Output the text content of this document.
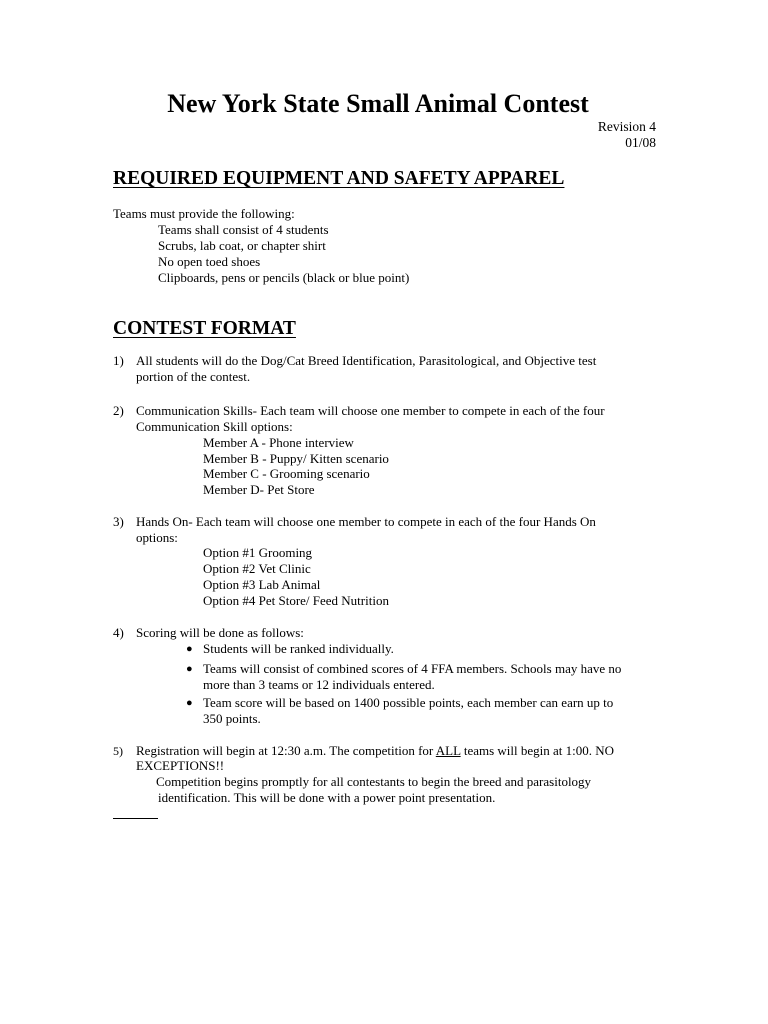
New York State Small Animal Contest
Revision 4
01/08
REQUIRED EQUIPMENT AND SAFETY APPAREL
Teams must provide the following:
Teams shall consist of 4 students
Scrubs, lab coat, or chapter shirt
No open toed shoes
Clipboards, pens or pencils (black or blue point)
CONTEST FORMAT
1) All students will do the Dog/Cat Breed Identification, Parasitological, and Objective test
portion of the contest.
2) Communication Skills- Each team will choose one member to compete in each of the four
Communication Skill options:
Member A - Phone interview
Member B - Puppy/ Kitten scenario
Member C - Grooming scenario
Member D- Pet Store
3) Hands On- Each team will choose one member to compete in each of the four Hands On
options:
Option #1 Grooming
Option #2 Vet Clinic
Option #3 Lab Animal
Option #4 Pet Store/ Feed Nutrition
4) Scoring will be done as follows:
● Students will be ranked individually.
● Teams will consist of combined scores of 4 FFA members. Schools may have no
more than 3 teams or 12 individuals entered.
● Team score will be based on 1400 possible points, each member can earn up to
350 points.
5) Registration will begin at 12:30 a.m. The competition for ALL teams will begin at 1:00. NO
EXCEPTIONS!!
Competition begins promptly for all contestants to begin the breed and parasitology
identification. This will be done with a power point presentation.
